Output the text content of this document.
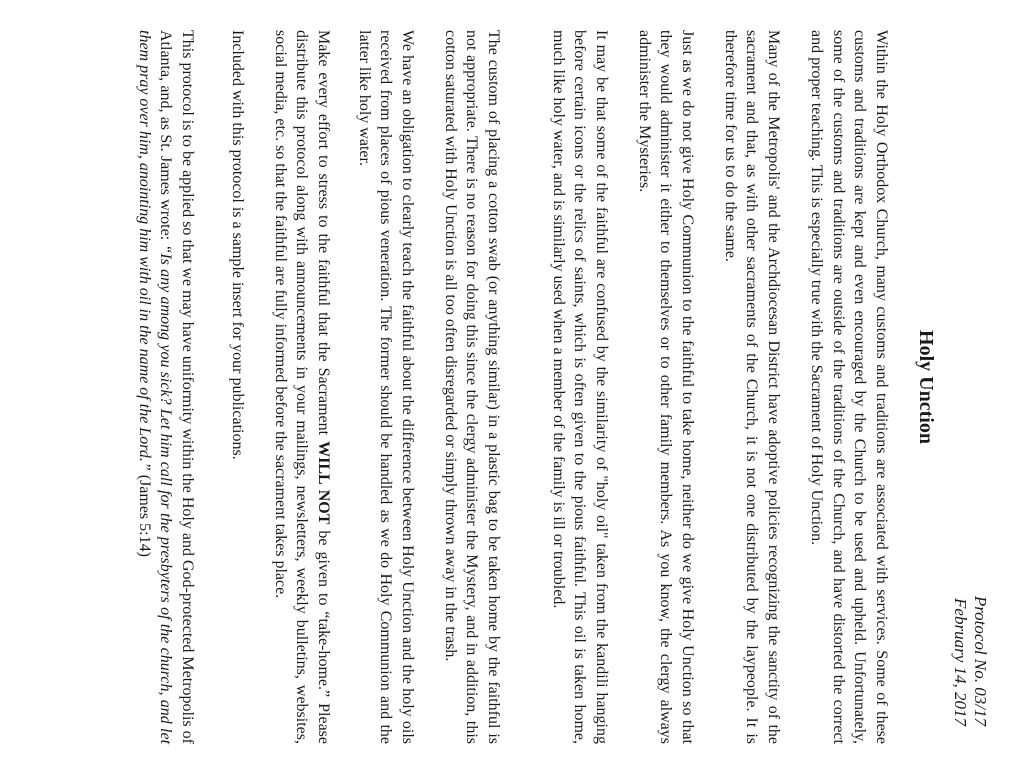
Protocol No. 03/17
February 14, 2017
Holy Unction

Within the Holy Orthodox Church, many customs and traditions are associated with services. Some of these customs and traditions are kept and even encouraged by the Church to be used and upheld. Unfortunately, some of the customs and traditions are outside of the traditions of the Church, and have distorted the correct and proper teaching. This is especially true with the Sacrament of Holy Unction.

Many of the Metropolis' and the Archdiocesan District have adoptive policies recognizing the sanctity of the sacrament and that, as with other sacraments of the Church, it is not one distributed by the laypeople. It is therefore time for us to do the same.

Just as we do not give Holy Communion to the faithful to take home, neither do we give Holy Unction so that they would administer it either to themselves or to other family members. As you know, the clergy always administer the Mysteries.

It may be that some of the faithful are confused by the similarity of "holy oil" taken from the kandili hanging before certain icons or the relics of saints, which is often given to the pious faithful. This oil is taken home, much like holy water, and is similarly used when a member of the family is ill or troubled.

The custom of placing a cotton swab (or anything similar) in a plastic bag to be taken home by the faithful is not appropriate. There is no reason for doing this since the clergy administer the Mystery, and in addition, this cotton saturated with Holy Unction is all too often disregarded or simply thrown away in the trash.

We have an obligation to clearly teach the faithful about the difference between Holy Unction and the holy oils received from places of pious veneration. The former should be handled as we do Holy Communion and the latter like holy water.

Make every effort to stress to the faithful that the Sacrament WILL NOT be given to “take-home.” Please distribute this protocol along with announcements in your mailings, newsletters, weekly bulletins, websites, social media, etc. so that the faithful are fully informed before the sacrament takes place.

Included with this protocol is a sample insert for your publications.

This protocol is to be applied so that we may have uniformity within the Holy and God-protected Metropolis of Atlanta, and, as St. James wrote: “Is any among you sick? Let him call for the presbyters of the church, and let them pray over him, anointing him with oil in the name of the Lord.” (James 5:14)
